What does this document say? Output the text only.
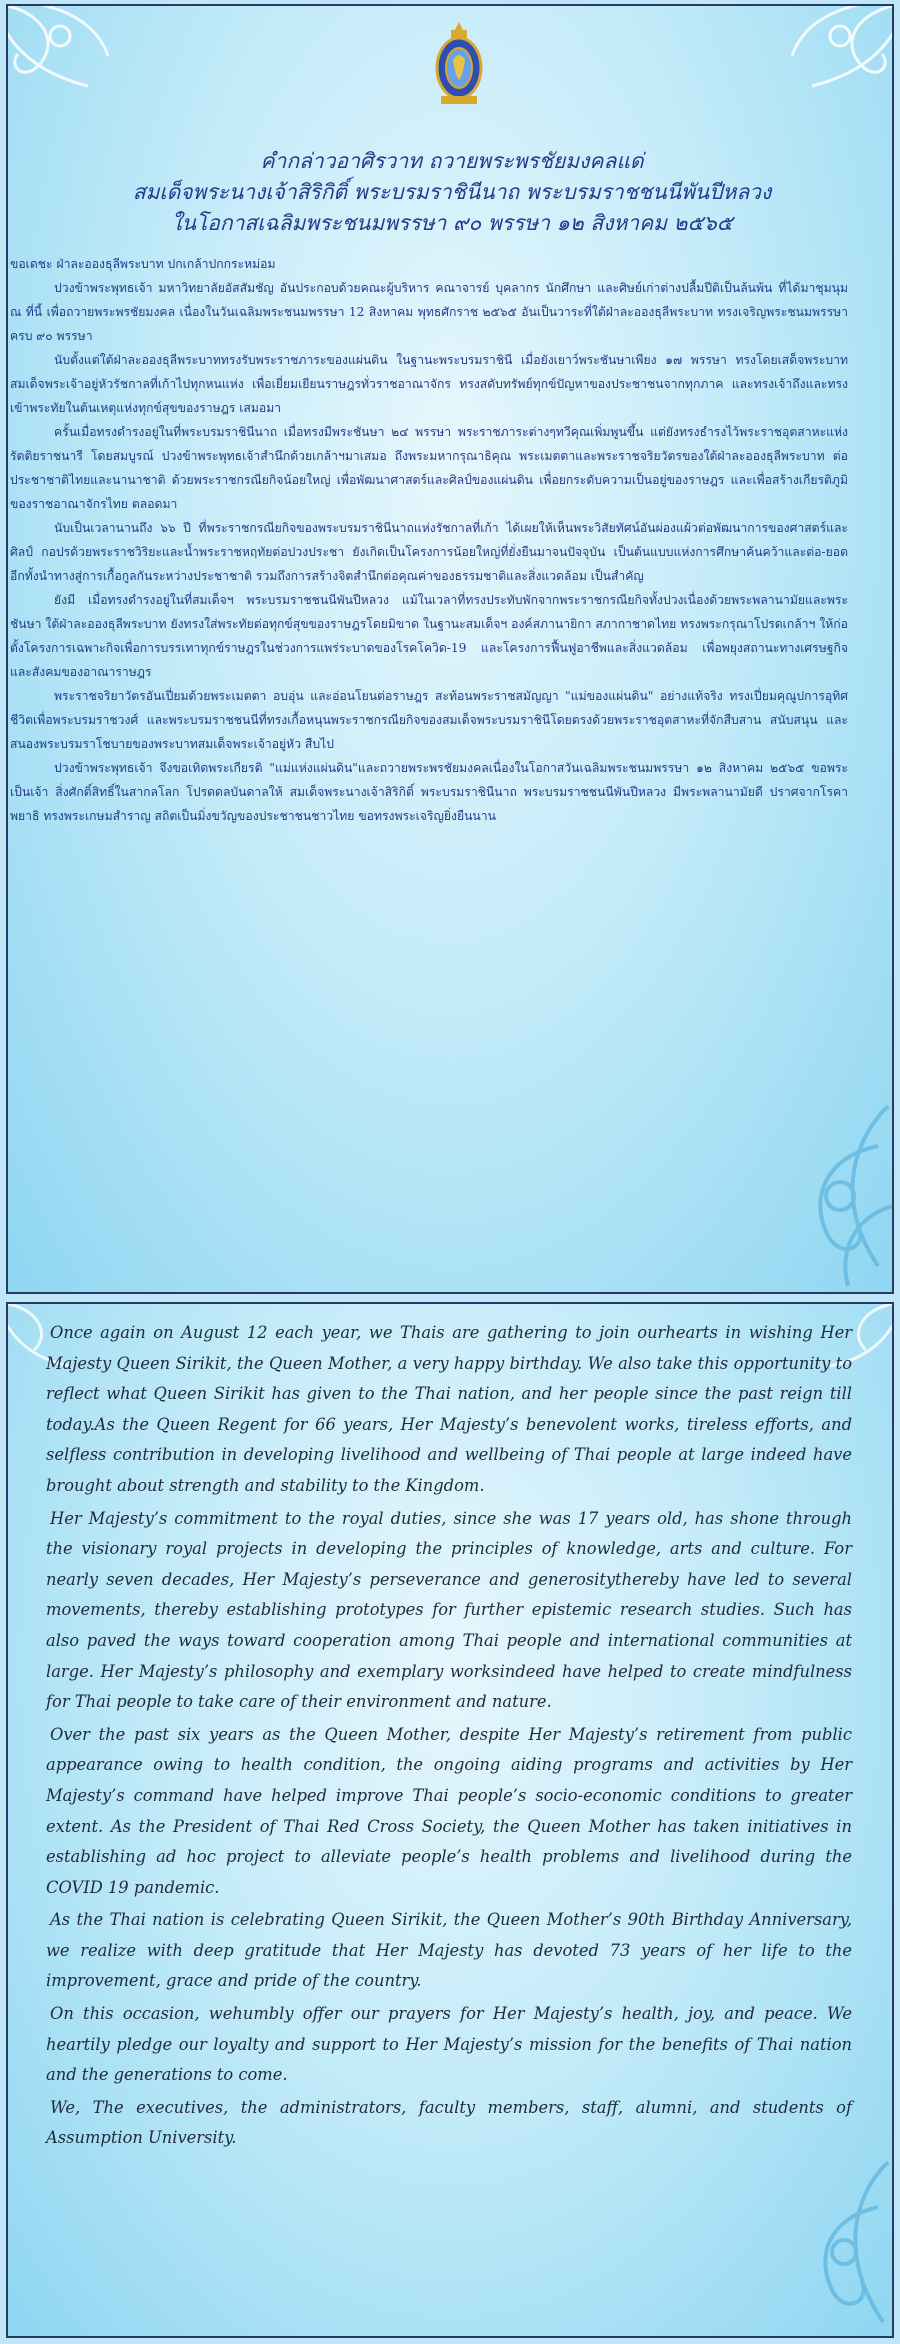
คำกล่าวอาศิรวาท ถวายพระพรชัยมงคลแด่
สมเด็จพระนางเจ้าสิริกิติ์ พระบรมราชินีนาถ พระบรมราชชนนีพันปีหลวง
ในโอกาสเฉลิมพระชนมพรรษา ๙๐ พรรษา ๑๒ สิงหาคม ๒๕๖๕

ขอเดชะ ฝ่าละอองธุลีพระบาท ปกเกล้าปกกระหม่อม

ปวงข้าพระพุทธเจ้า มหาวิทยาลัยอัสสัมชัญ อันประกอบด้วยคณะผู้บริหาร คณาจารย์ บุคลากร นักศึกษา และศิษย์เก่าต่างปลื้มปีติเป็นล้นพ้น ที่ได้มาชุมนุม ณ ที่นี้ เพื่อถวายพระพรชัยมงคล เนื่องในวันเฉลิมพระชนมพรรษา 12 สิงหาคม พุทธศักราช ๒๕๖๕ อันเป็นวาระที่ใต้ฝ่าละอองธุลีพระบาท ทรงเจริญพระชนมพรรษาครบ ๙๐ พรรษา

นับตั้งแต่ใต้ฝ่าละอองธุลีพระบาททรงรับพระราชภาระของแผ่นดิน ในฐานะพระบรมราชินี เมื่อยังเยาว์พระชันษาเพียง ๑๗ พรรษา ทรงโดยเสด็จพระบาทสมเด็จพระเจ้าอยู่หัวรัชกาลที่เก้าไปทุกหนแห่ง เพื่อเยี่ยมเยียนราษฎรทั่วราชอาณาจักร ทรงสดับทรัพย์ทุกข์ปัญหาของประชาชนจากทุกภาค และทรงเจ้าถึงและทรงเข้าพระทัยในต้นเหตุแห่งทุกข์สุขของราษฎร เสมอมา

ครั้นเมื่อทรงดำรงอยู่ในที่พระบรมราชินีนาถ เมื่อทรงมีพระชันษา ๒๔ พรรษา พระราชภาระต่างๆทวีคุณเพิ่มพูนขึ้น แต่ยังทรงธำรงไว้พระราชอุตสาหะแห่งรัตติยราชนารี โดยสมบูรณ์ ปวงข้าพระพุทธเจ้าสำนึกด้วยเกล้าฯมาเสมอ ถึงพระมหากรุณาธิคุณ พระเมตตาและพระราชจริยวัตรของใต้ฝ่าละอองธุลีพระบาท ต่อประชาชาติไทยและนานาชาติ ด้วยพระราชกรณียกิจน้อยใหญ่ เพื่อพัฒนาศาสตร์และศิลป์ของแผ่นดิน เพื่อยกระดับความเป็นอยู่ของราษฎร และเพื่อสร้างเกียรติภูมิของราชอาณาจักรไทย ตลอดมา

นับเป็นเวลานานถึง ๖๖ ปี ที่พระราชกรณียกิจของพระบรมราชินีนาถแห่งรัชกาลที่เก้า ได้เผยให้เห็นพระวิสัยทัศน์อันผ่องแผ้วต่อพัฒนาการของศาสตร์และศิลป์ กอปรด้วยพระราชวิริยะและน้ำพระราชหฤทัยต่อปวงประชา ยังเกิดเป็นโครงการน้อยใหญ่ที่ยั่งยืนมาจนปัจจุบัน เป็นต้นแบบแห่งการศึกษาค้นคว้าและต่อ-ยอด อีกทั้งนำทางสู่การเกื้อกูลกันระหว่างประชาชาติ รวมถึงการสร้างจิตสำนึกต่อคุณค่าของธรรมชาติและสิ่งแวดล้อม เป็นสำคัญ

ยังมี เมื่อทรงดำรงอยู่ในที่สมเด็จฯ พระบรมราชชนนีพันปีหลวง แม้ในเวลาที่ทรงประทับพักจากพระราชกรณียกิจทั้งปวงเนื่องด้วยพระพลานามัยและพระชันษา ใต้ฝ่าละอองธุลีพระบาท ยังทรงใส่พระทัยต่อทุกข์สุขของราษฎรโดยมิขาด ในฐานะสมเด็จฯ องค์สภานายิกา สภากาชาดไทย ทรงพระกรุณาโปรดเกล้าฯ ให้ก่อตั้งโครงการเฉพาะกิจเพื่อการบรรเทาทุกข์ราษฎรในช่วงการแพร่ระบาดของโรคโควิด-19 และโครงการฟื้นฟูอาชีพและสิ่งแวดล้อม เพื่อพยุงสถานะทางเศรษฐกิจและสังคมของอาณาราษฎร

พระราชจริยาวัตรอันเปี่ยมด้วยพระเมตตา อบอุ่น และอ่อนโยนต่อราษฎร สะท้อนพระราชสมัญญา "แม่ของแผ่นดิน" อย่างแท้จริง ทรงเปี่ยมคุณูปการอุทิศชีวิตเพื่อพระบรมราชวงศ์ และพระบรมราชชนนีที่ทรงเกื้อหนุนพระราชกรณียกิจของสมเด็จพระบรมราชินีโดยตรงด้วยพระราชอุตสาหะที่จักสืบสาน สนับสนุน และสนองพระบรมราโชบายของพระบาทสมเด็จพระเจ้าอยู่หัว สืบไป

ปวงข้าพระพุทธเจ้า จึงขอเทิดพระเกียรติ "แม่แห่งแผ่นดิน"และถวายพระพรชัยมงคลเนื่องในโอกาสวันเฉลิมพระชนมพรรษา ๑๒ สิงหาคม ๒๕๖๕ ขอพระเป็นเจ้า สิ่งศักดิ์สิทธิ์ในสากลโลก โปรดดลบันดาลให้ สมเด็จพระนางเจ้าสิริกิติ์ พระบรมราชินีนาถ พระบรมราชชนนีพันปีหลวง มีพระพลานามัยดี ปราศจากโรคาพยาธิ ทรงพระเกษมสำราญ สถิตเป็นมิ่งขวัญของประชาชนชาวไทย ขอทรงพระเจริญยิ่งยืนนาน

Once again on August 12 each year, we Thais are gathering to join ourhearts in wishing Her Majesty Queen Sirikit, the Queen Mother, a very happy birthday. We also take this opportunity to reflect what Queen Sirikit has given to the Thai nation, and her people since the past reign till today.As the Queen Regent for 66 years, Her Majesty’s benevolent works, tireless efforts, and selfless contribution in developing livelihood and wellbeing of Thai people at large indeed have brought about strength and stability to the Kingdom.

Her Majesty’s commitment to the royal duties, since she was 17 years old, has shone through the visionary royal projects in developing the principles of knowledge, arts and culture. For nearly seven decades, Her Majesty’s perseverance and generositythereby have led to several movements, thereby establishing prototypes for further epistemic research studies. Such has also paved the ways toward cooperation among Thai people and international communities at large. Her Majesty’s philosophy and exemplary worksindeed have helped to create mindfulness for Thai people to take care of their environment and nature.

Over the past six years as the Queen Mother, despite Her Majesty’s retirement from public appearance owing to health condition, the ongoing aiding programs and activities by Her Majesty’s command have helped improve Thai people’s socio-economic conditions to greater extent. As the President of Thai Red Cross Society, the Queen Mother has taken initiatives in establishing ad hoc project to alleviate people’s health problems and livelihood during the COVID 19 pandemic.

As the Thai nation is celebrating Queen Sirikit, the Queen Mother’s 90th Birthday Anniversary, we realize with deep gratitude that Her Majesty has devoted 73 years of her life to the improvement, grace and pride of the country.

On this occasion, wehumbly offer our prayers for Her Majesty’s health, joy, and peace. We heartily pledge our loyalty and support to Her Majesty’s mission for the benefits of Thai nation and the generations to come.

We, The executives, the administrators, faculty members, staff, alumni, and students of Assumption University.
